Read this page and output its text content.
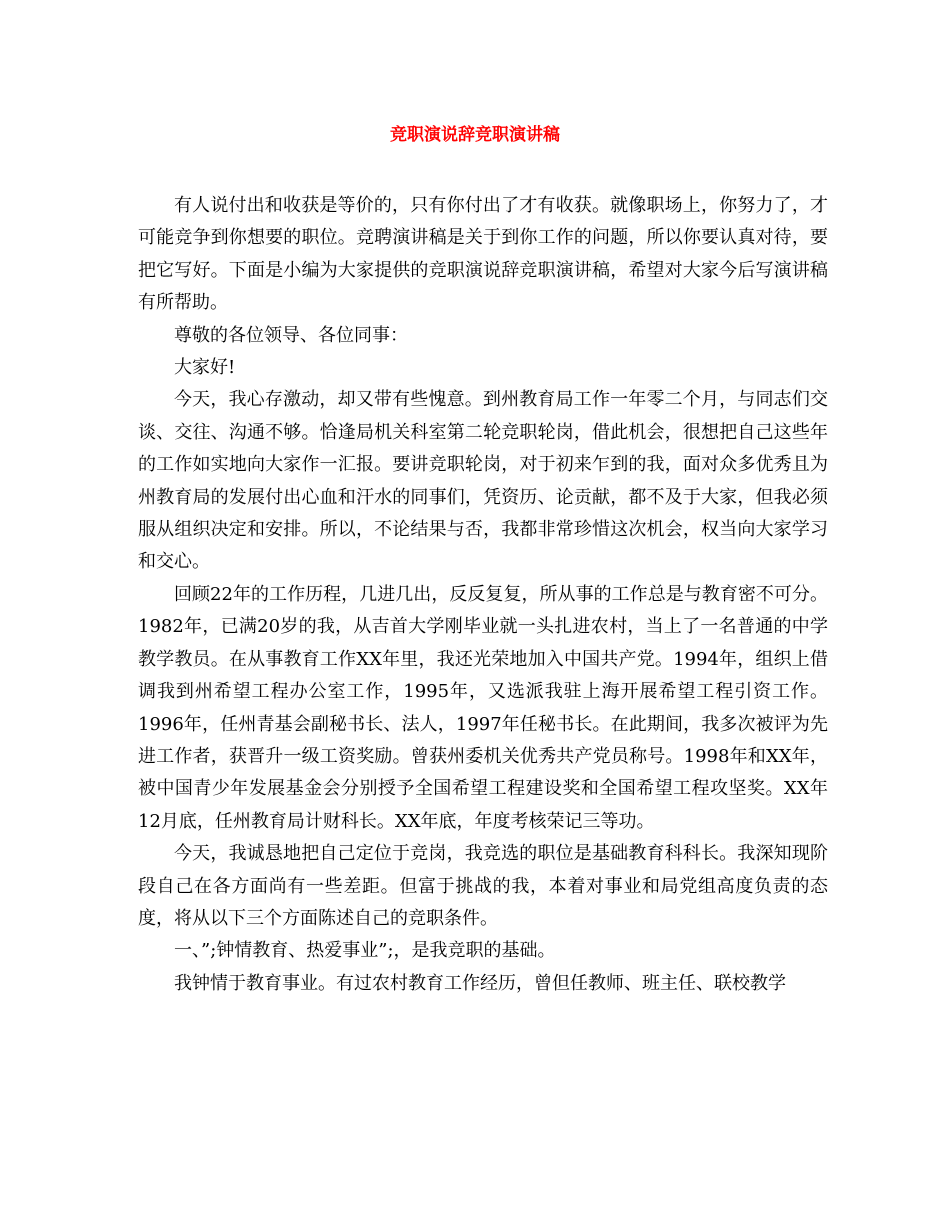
竞职演说辞竞职演讲稿

有人说付出和收获是等价的，只有你付出了才有收获。就像职场上，你努力了，才可能竞争到你想要的职位。竞聘演讲稿是关于到你工作的问题，所以你要认真对待，要把它写好。下面是小编为大家提供的竞职演说辞竞职演讲稿，希望对大家今后写演讲稿有所帮助。

尊敬的各位领导、各位同事：

大家好!

今天，我心存激动，却又带有些愧意。到州教育局工作一年零二个月，与同志们交谈、交往、沟通不够。恰逢局机关科室第二轮竞职轮岗，借此机会，很想把自己这些年的工作如实地向大家作一汇报。要讲竞职轮岗，对于初来乍到的我，面对众多优秀且为州教育局的发展付出心血和汗水的同事们，凭资历、论贡献，都不及于大家，但我必须服从组织决定和安排。所以，不论结果与否，我都非常珍惜这次机会，权当向大家学习和交心。

回顾22年的工作历程，几进几出，反反复复，所从事的工作总是与教育密不可分。1982年，已满20岁的我，从吉首大学刚毕业就一头扎进农村，当上了一名普通的中学教学教员。在从事教育工作XX年里，我还光荣地加入中国共产党。1994年，组织上借调我到州希望工程办公室工作，1995年，又选派我驻上海开展希望工程引资工作。1996年，任州青基会副秘书长、法人，1997年任秘书长。在此期间，我多次被评为先进工作者，获晋升一级工资奖励。曾获州委机关优秀共产党员称号。1998年和XX年，被中国青少年发展基金会分别授予全国希望工程建设奖和全国希望工程攻坚奖。XX年12月底，任州教育局计财科长。XX年底，年度考核荣记三等功。

今天，我诚恳地把自己定位于竞岗，我竞选的职位是基础教育科科长。我深知现阶段自己在各方面尚有一些差距。但富于挑战的我，本着对事业和局党组高度负责的态度，将从以下三个方面陈述自己的竞职条件。

一、”;钟情教育、热爱事业”;，是我竞职的基础。

我钟情于教育事业。有过农村教育工作经历，曾但任教师、班主任、联校教学
